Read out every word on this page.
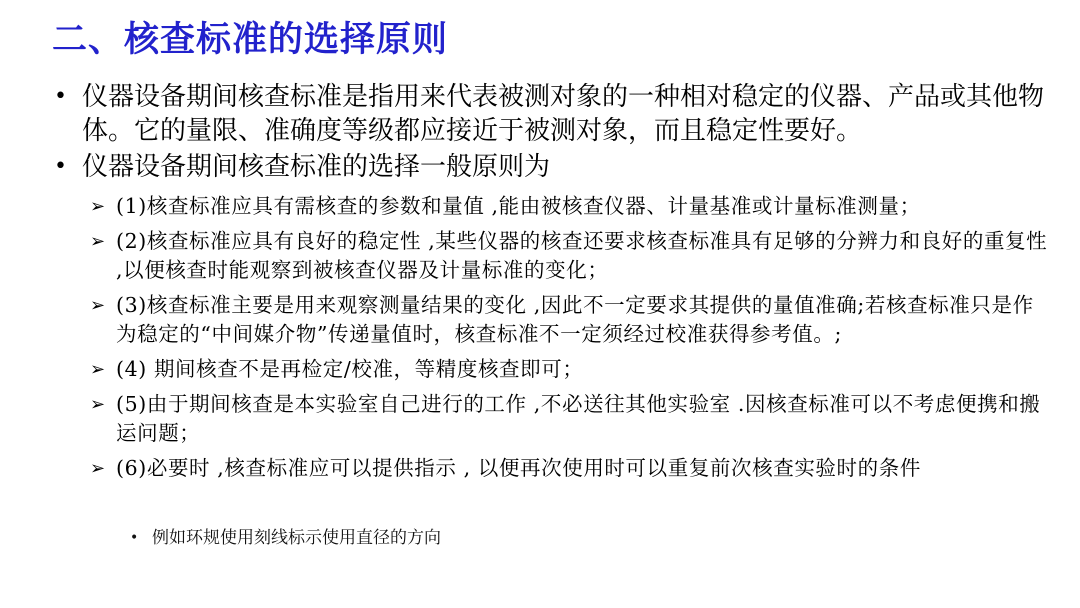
二、核查标准的选择原则
• 仪器设备期间核查标准是指用来代表被测对象的一种相对稳定的仪器、产品或其他物体。它的量限、准确度等级都应接近于被测对象，而且稳定性要好。
• 仪器设备期间核查标准的选择一般原则为
➢ (1)核查标准应具有需核查的参数和量值 ,能由被核查仪器、计量基准或计量标准测量；
➢ (2)核查标准应具有良好的稳定性 ,某些仪器的核查还要求核查标准具有足够的分辨力和良好的重复性 ,以便核查时能观察到被核查仪器及计量标准的变化；
➢ (3)核查标准主要是用来观察测量结果的变化 ,因此不一定要求其提供的量值准确;若核查标准只是作为稳定的“中间媒介物”传递量值时，核查标准不一定须经过校准获得参考值。;
➢ (4) 期间核查不是再检定/校准，等精度核查即可；
➢ (5)由于期间核查是本实验室自己进行的工作 ,不必送往其他实验室 .因核查标准可以不考虑便携和搬运问题；
➢ (6)必要时 ,核查标准应可以提供指示 , 以便再次使用时可以重复前次核查实验时的条件
• 例如环规使用刻线标示使用直径的方向
